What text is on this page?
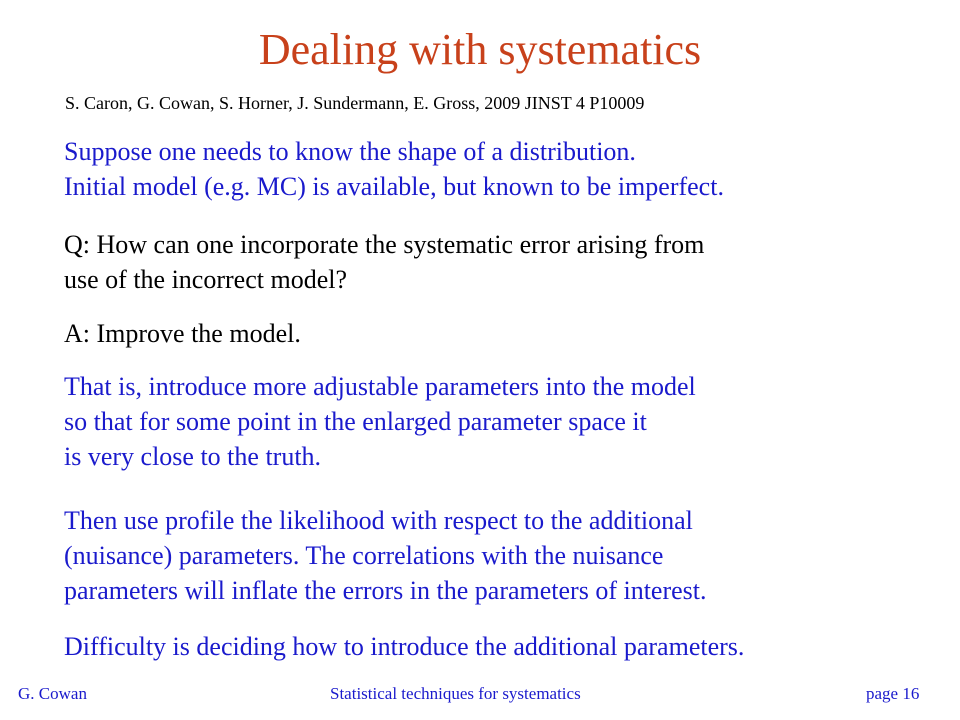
Dealing with systematics
S. Caron, G. Cowan, S. Horner, J. Sundermann, E. Gross, 2009 JINST 4 P10009
Suppose one needs to know the shape of a distribution.
Initial model (e.g. MC) is available, but known to be imperfect.
Q: How can one incorporate the systematic error arising from
use of the incorrect model?
A: Improve the model.
That is, introduce more adjustable parameters into the model
so that for some point in the enlarged parameter space it
is very close to the truth.
Then use profile the likelihood with respect to the additional
(nuisance) parameters. The correlations with the nuisance
parameters will inflate the errors in the parameters of interest.
Difficulty is deciding how to introduce the additional parameters.
G. Cowan	Statistical techniques for systematics	page 16
